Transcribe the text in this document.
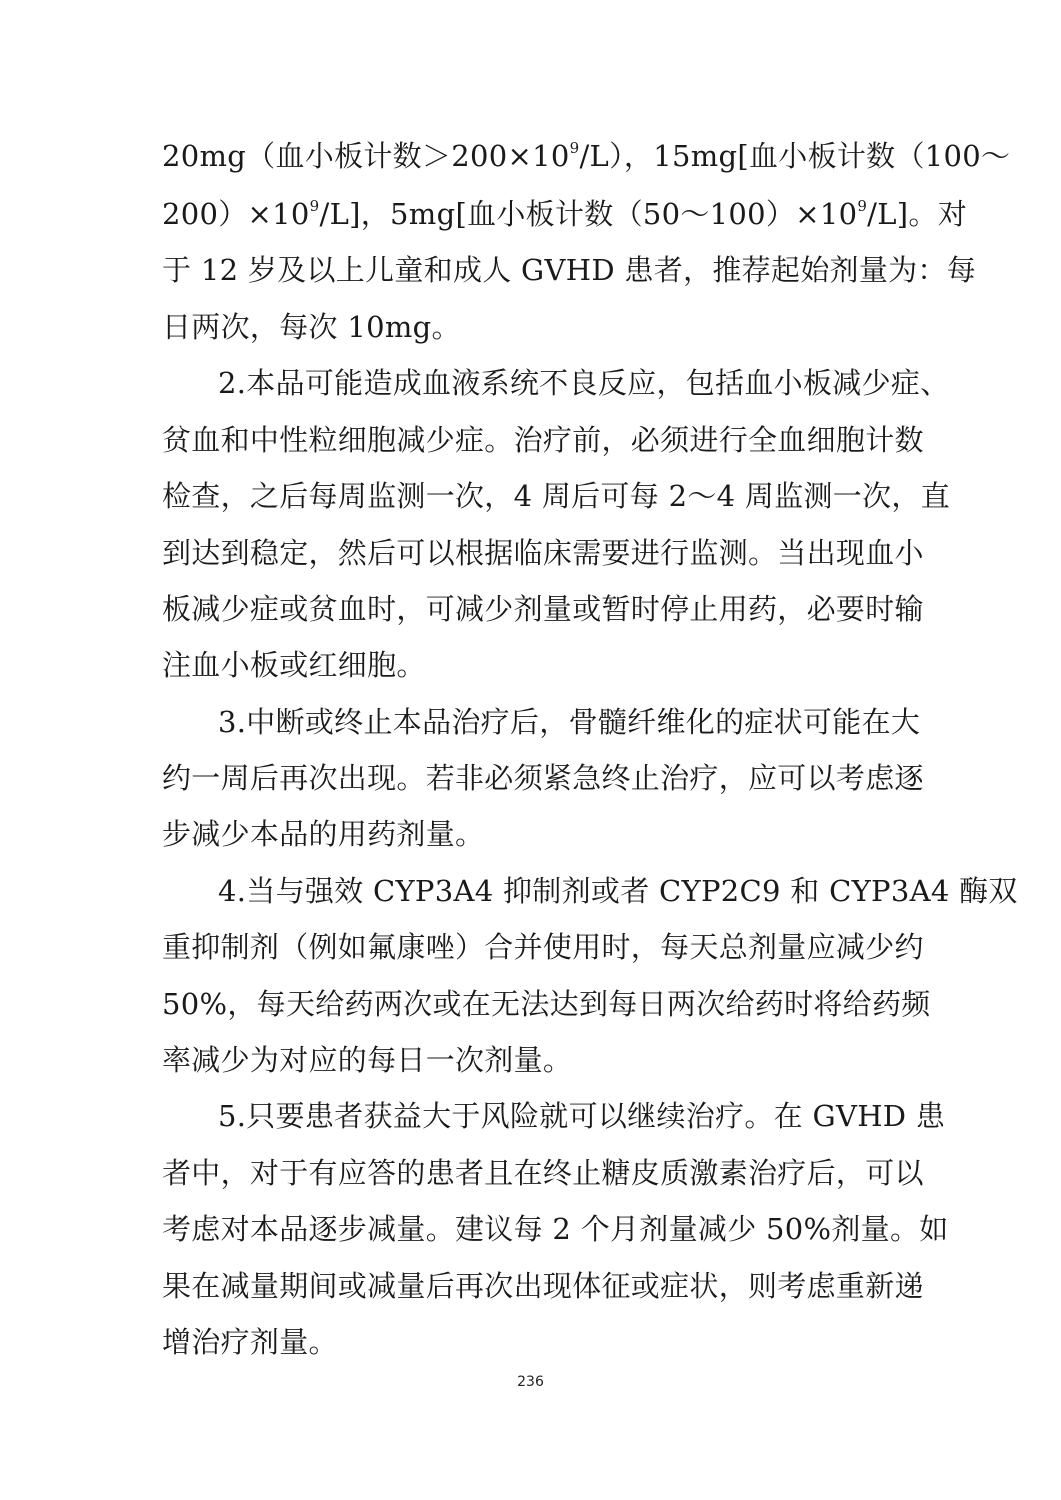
20mg（血小板计数$>200\times 10^9/L$），15mg[血小板计数（100～
$200)\times 10^9/L$]，5mg[血小板计数$(50\sim 100)\times 10^9/L$]。对
于 12 岁及以上儿童和成人 GVHD 患者，推荐起始剂量为：每
日两次，每次 10mg。
2.本品可能造成血液系统不良反应，包括血小板减少症、
贫血和中性粒细胞减少症。治疗前，必须进行全血细胞计数
检查，之后每周监测一次，4 周后可每 2～4 周监测一次，直
到达到稳定，然后可以根据临床需要进行监测。当出现血小
板减少症或贫血时，可减少剂量或暂时停止用药，必要时输
注血小板或红细胞。
3.中断或终止本品治疗后，骨髓纤维化的症状可能在大
约一周后再次出现。若非必须紧急终止治疗，应可以考虑逐
步减少本品的用药剂量。
4.当与强效 CYP3A4 抑制剂或者 CYP2C9 和 CYP3A4 酶双
重抑制剂（例如氟康唑）合并使用时，每天总剂量应减少约
50%，每天给药两次或在无法达到每日两次给药时将给药频
率减少为对应的每日一次剂量。
5.只要患者获益大于风险就可以继续治疗。在 GVHD 患
者中，对于有应答的患者且在终止糖皮质激素治疗后，可以
考虑对本品逐步减量。建议每 2 个月剂量减少 50%剂量。如
果在减量期间或减量后再次出现体征或症状，则考虑重新递
增治疗剂量。
236
